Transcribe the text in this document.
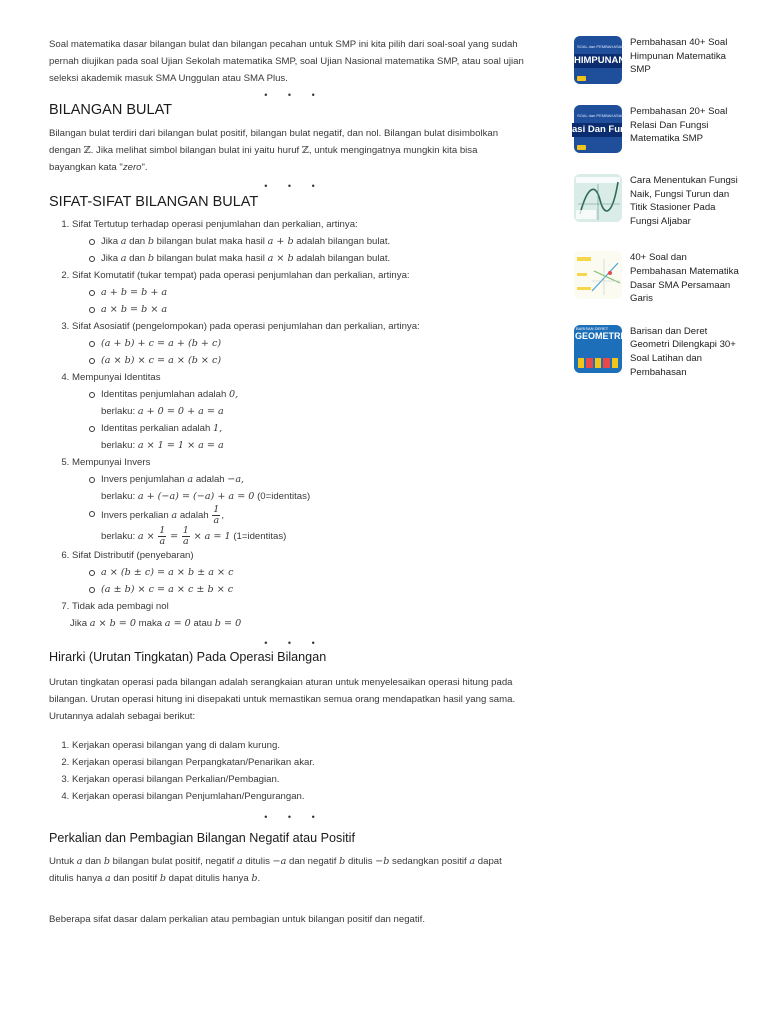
Soal matematika dasar bilangan bulat dan bilangan pecahan untuk SMP ini kita pilih dari soal-soal yang sudah pernah diujikan pada soal Ujian Sekolah matematika SMP, soal Ujian Nasional matematika SMP, atau soal ujian seleksi akademik masuk SMA Unggulan atau SMA Plus.

• • •

BILANGAN BULAT

Bilangan bulat terdiri dari bilangan bulat positif, bilangan bulat negatif, dan nol. Bilangan bulat disimbolkan
dengan ℤ. Jika melihat simbol bilangan bulat ini yaitu huruf ℤ, untuk mengingatnya mungkin kita bisa
bayangkan kata "zero".

• • •

SIFAT-SIFAT BILANGAN BULAT
1. Sifat Tertutup terhadap operasi penjumlahan dan perkalian, artinya:
Jika a dan b bilangan bulat maka hasil a + b adalah bilangan bulat.
Jika a dan b bilangan bulat maka hasil a × b adalah bilangan bulat.
2. Sifat Komutatif (tukar tempat) pada operasi penjumlahan dan perkalian, artinya:
a + b = b + a
a × b = b × a
3. Sifat Asosiatif (pengelompokan) pada operasi penjumlahan dan perkalian, artinya:
(a + b) + c = a + (b + c)
(a × b) × c = a × (b × c)
4. Mempunyai Identitas
Identitas penjumlahan adalah 0,
berlaku: a + 0 = 0 + a = a
Identitas perkalian adalah 1,
berlaku: a × 1 = 1 × a = a
5. Mempunyai Invers
Invers penjumlahan a adalah −a,
berlaku: a + (−a) = (−a) + a = 0 (0=identitas)
Invers perkalian a adalah $\frac{1}{a}$ ,
berlaku: $a \times \frac{1}{a} = \frac{1}{a} \times a = 1$ (1=identitas)
6. Sifat Distributif (penyebaran)
a × (b ± c) = a × b ± a × c
(a ± b) × c = a × c ± b × c
7. Tidak ada pembagi nol
Jika a × b = 0 maka a = 0 atau b = 0

• • •

Hirarki (Urutan Tingkatan) Pada Operasi Bilangan

Urutan tingkatan operasi pada bilangan adalah serangkaian aturan untuk menyelesaikan operasi hitung pada bilangan. Urutan operasi hitung ini disepakati untuk memastikan semua orang mendapatkan hasil yang sama. Urutannya adalah sebagai berikut:

1. Kerjakan operasi bilangan yang di dalam kurung.
2. Kerjakan operasi bilangan Perpangkatan/Penarikan akar.
3. Kerjakan operasi bilangan Perkalian/Pembagian.
4. Kerjakan operasi bilangan Penjumlahan/Pengurangan.

• • •

Perkalian dan Pembagian Bilangan Negatif atau Positif

Untuk a dan b bilangan bulat positif, negatif a ditulis −a dan negatif b ditulis −b sedangkan positif a dapat
ditulis hanya a dan positif b dapat ditulis hanya b.

Beberapa sifat dasar dalam perkalian atau pembagian untuk bilangan positif dan negatif.

SOAL dan PEMBAHASAN
HIMPUNAN
Pembahasan 40+ Soal
Himpunan Matematika
SMP
SOAL dan PEMBAHASAN
asi Dan Fun
Pembahasan 20+ Soal
Relasi Dan Fungsi
Matematika SMP
Cara Menentukan Fungsi
Naik, Fungsi Turun dan
Titik Stasioner Pada
Fungsi Aljabar
40+ Soal dan
Pembahasan Matematika
Dasar SMA Persamaan
Garis
BARISAN DERET
GEOMETRI Barisan dan Deret
Geometri Dilengkapi 30+
Soal Latihan dan
Pembahasan
